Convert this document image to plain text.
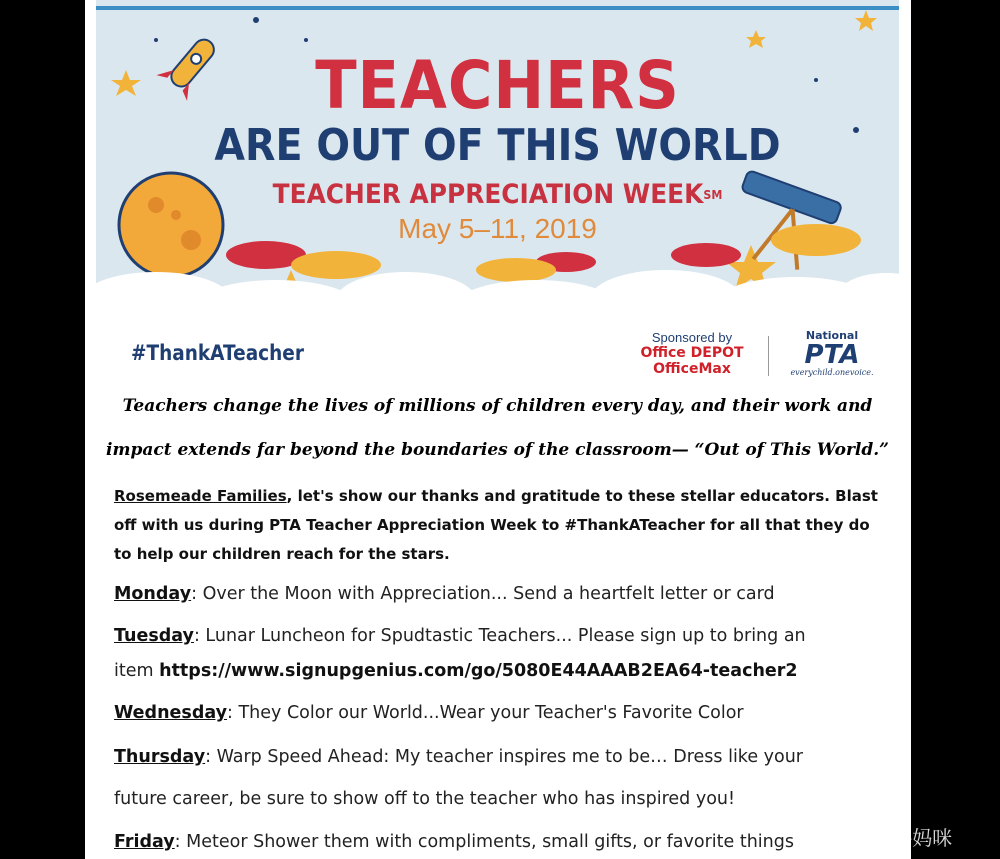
TEACHERS
ARE OUT OF THIS WORLD
TEACHER APPRECIATION WEEK℠
May 5–11, 2019
#ThankATeacher
Sponsored by
Office DEPOT
OfficeMax
National
PTA
everychild.onevoice.

Teachers change the lives of millions of children every day, and their work and

impact extends far beyond the boundaries of the classroom— “Out of This World.”

Rosemeade Families, let's show our thanks and gratitude to these stellar educators. Blast

off with us during PTA Teacher Appreciation Week to #ThankATeacher for all that they do

to help our children reach for the stars.

Monday: Over the Moon with Appreciation... Send a heartfelt letter or card

Tuesday: Lunar Luncheon for Spudtastic Teachers... Please sign up to bring an

item https://www.signupgenius.com/go/5080E44AAAB2EA64-teacher2

Wednesday: They Color our World...Wear your Teacher's Favorite Color

Thursday: Warp Speed Ahead: My teacher inspires me to be… Dress like your

future career, be sure to show off to the teacher who has inspired you!

Friday: Meteor Shower them with compliments, small gifts, or favorite things	明亮-妈咪
